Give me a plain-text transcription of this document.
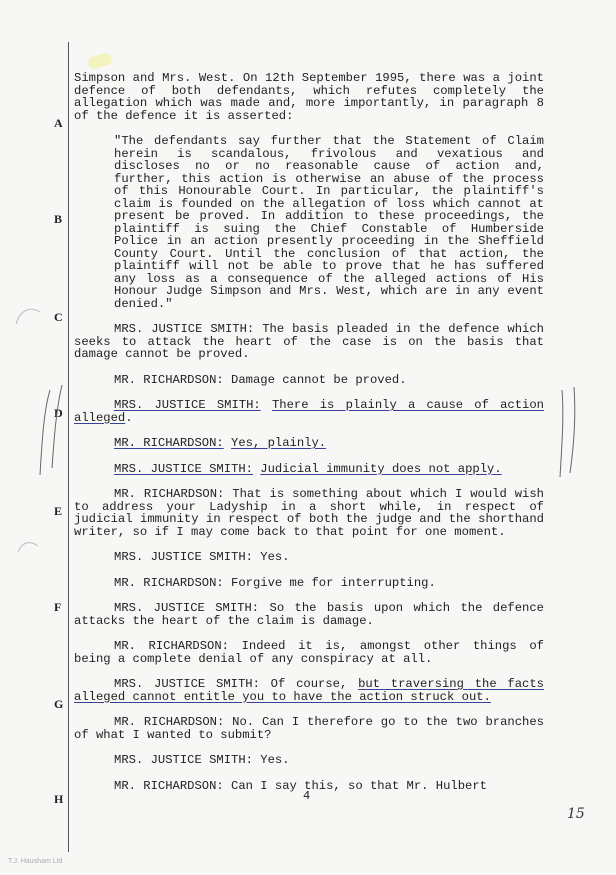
A
B
C
D
E
F
G
H

Simpson and Mrs. West. On 12th September 1995, there was a joint defence of both defendants, which refutes completely the allegation which was made and, more importantly, in paragraph 8 of the defence it is asserted:

"The defendants say further that the Statement of Claim herein is scandalous, frivolous and vexatious and discloses no or no reasonable cause of action and, further, this action is otherwise an abuse of the process of this Honourable Court. In particular, the plaintiff's claim is founded on the allegation of loss which cannot at present be proved. In addition to these proceedings, the plaintiff is suing the Chief Constable of Humberside Police in an action presently proceeding in the Sheffield County Court. Until the conclusion of that action, the plaintiff will not be able to prove that he has suffered any loss as a consequence of the alleged actions of His Honour Judge Simpson and Mrs. West, which are in any event denied."

MRS. JUSTICE SMITH: The basis pleaded in the defence which seeks to attack the heart of the case is on the basis that damage cannot be proved.

MR. RICHARDSON: Damage cannot be proved.

MRS. JUSTICE SMITH: There is plainly a cause of action alleged.

MR. RICHARDSON: Yes, plainly.

MRS. JUSTICE SMITH: Judicial immunity does not apply.

MR. RICHARDSON: That is something about which I would wish to address your Ladyship in a short while, in respect of judicial immunity in respect of both the judge and the shorthand writer, so if I may come back to that point for one moment.

MRS. JUSTICE SMITH: Yes.

MR. RICHARDSON: Forgive me for interrupting.

MRS. JUSTICE SMITH: So the basis upon which the defence attacks the heart of the claim is damage.

MR. RICHARDSON: Indeed it is, amongst other things of being a complete denial of any conspiracy at all.

MRS. JUSTICE SMITH: Of course, but traversing the facts alleged cannot entitle you to have the action struck out.

MR. RICHARDSON: No. Can I therefore go to the two branches of what I wanted to submit?

MRS. JUSTICE SMITH: Yes.

MR. RICHARDSON: Can I say this, so that Mr. Hulbert

4
15
T.J. Hausham Ltd
